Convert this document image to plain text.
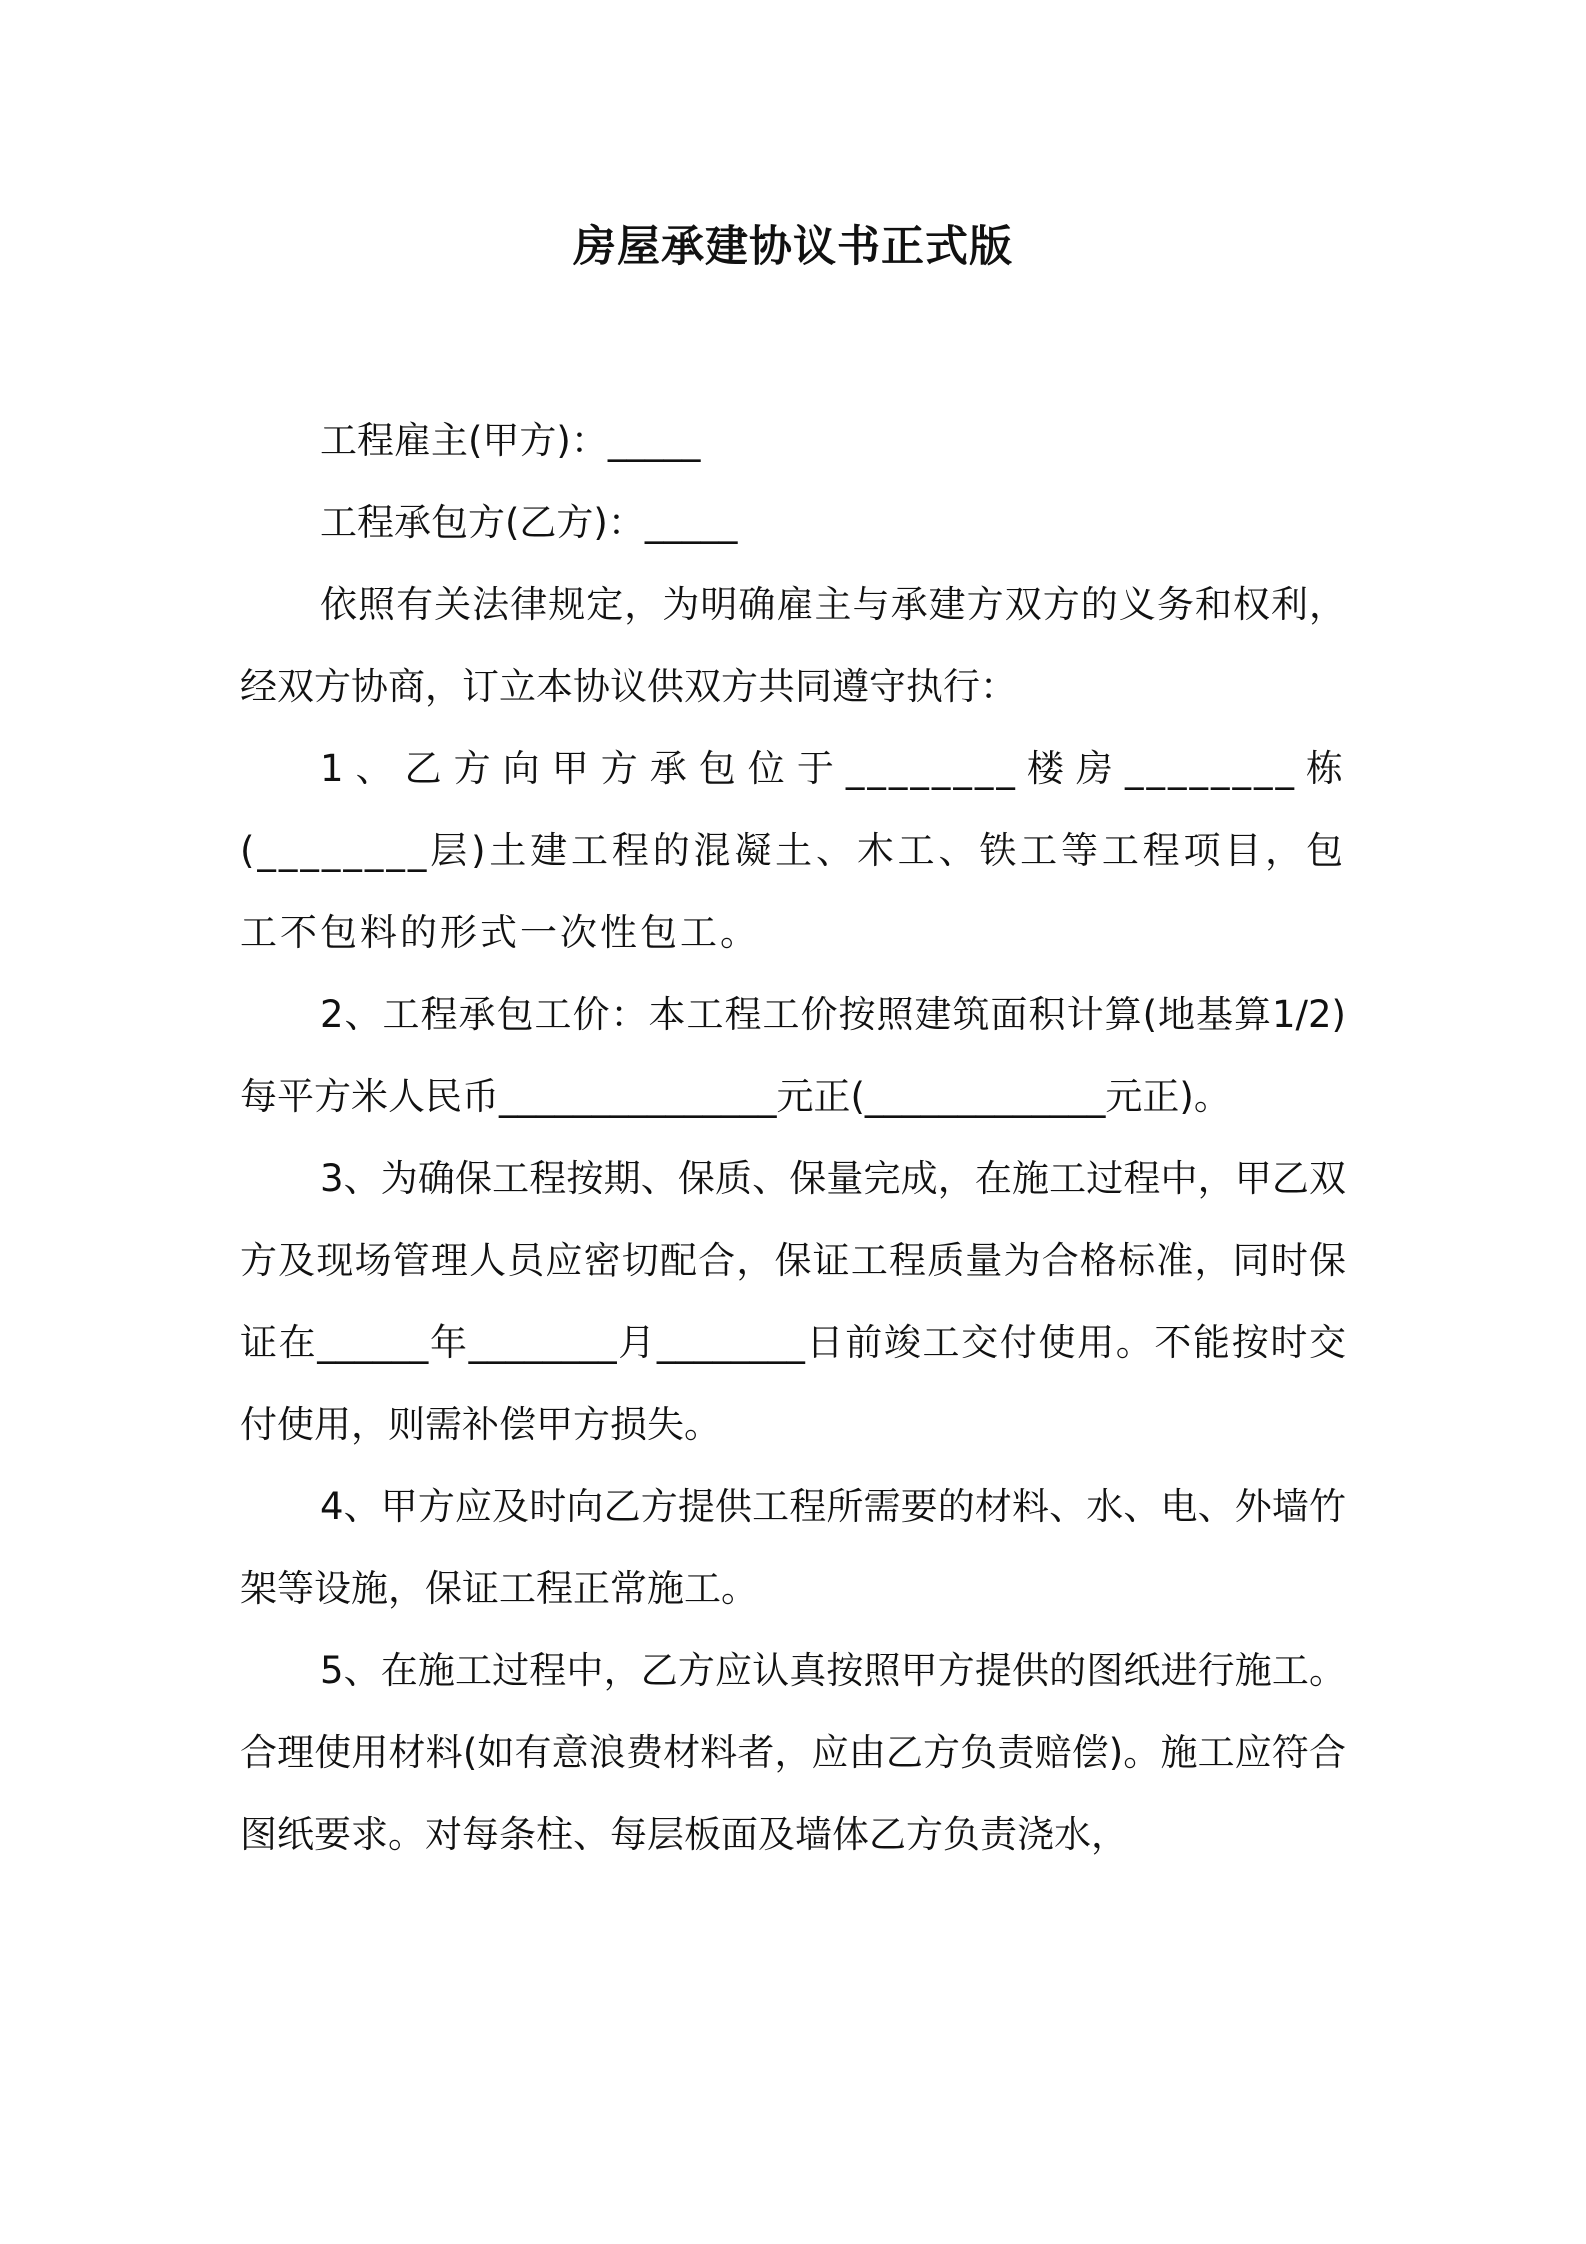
房屋承建协议书正式版

工程雇主(甲方)：_____

工程承包方(乙方)：_____

依照有关法律规定，为明确雇主与承建方双方的义务和权利，经双方协商，订立本协议供双方共同遵守执行：

1、乙方向甲方承包位于________楼房________栋(________层)土建工程的混凝土、木工、铁工等工程项目，包工不包料的形式一次性包工。

2、工程承包工价：本工程工价按照建筑面积计算(地基算1/2)每平方米人民币_______________元正(_____________元正)。

3、为确保工程按期、保质、保量完成，在施工过程中，甲乙双方及现场管理人员应密切配合，保证工程质量为合格标准，同时保证在______年________月________日前竣工交付使用。不能按时交付使用，则需补偿甲方损失。

4、甲方应及时向乙方提供工程所需要的材料、水、电、外墙竹架等设施，保证工程正常施工。

5、在施工过程中，乙方应认真按照甲方提供的图纸进行施工。合理使用材料(如有意浪费材料者，应由乙方负责赔偿)。施工应符合图纸要求。对每条柱、每层板面及墙体乙方负责浇水，
